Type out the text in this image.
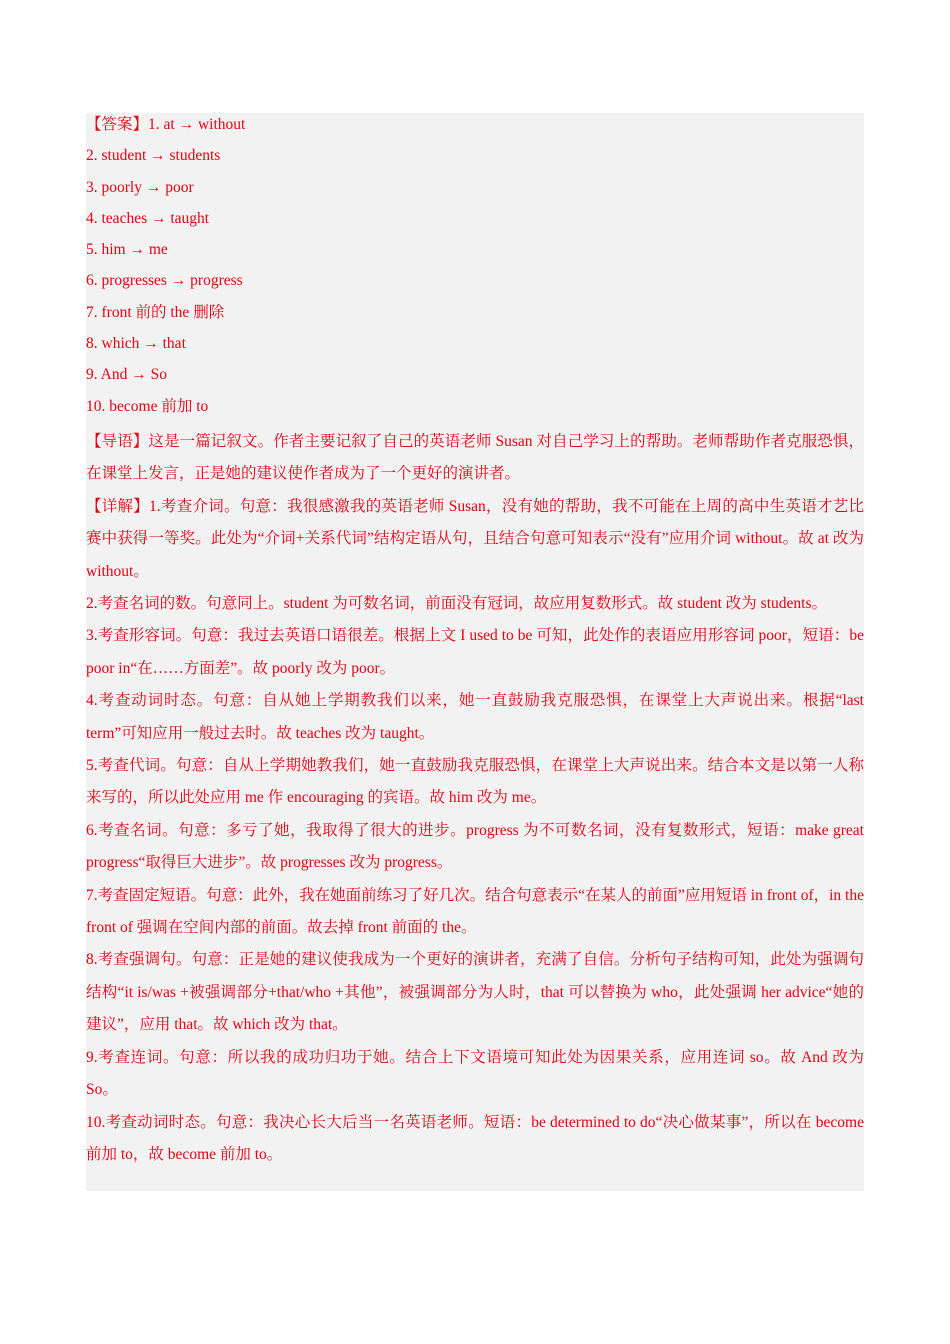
【答案】1. at → without
2. student → students
3. poorly → poor
4. teaches → taught
5. him → me
6. progresses → progress
7. front 前的 the 删除
8. which → that
9. And → So
10. become 前加 to

【导语】这是一篇记叙文。作者主要记叙了自己的英语老师 Susan 对自己学习上的帮助。老师帮助作者克服恐惧，在课堂上发言，正是她的建议使作者成为了一个更好的演讲者。

【详解】1.考查介词。句意：我很感激我的英语老师 Susan，没有她的帮助，我不可能在上周的高中生英语才艺比赛中获得一等奖。此处为“介词+关系代词”结构定语从句，且结合句意可知表示“没有”应用介词 without。故 at 改为 without。

2.考查名词的数。句意同上。student 为可数名词，前面没有冠词，故应用复数形式。故 student 改为 students。

3.考查形容词。句意：我过去英语口语很差。根据上文 I used to be 可知，此处作的表语应用形容词 poor，短语：be poor in“在……方面差”。故 poorly 改为 poor。

4.考查动词时态。句意：自从她上学期教我们以来，她一直鼓励我克服恐惧，在课堂上大声说出来。根据“last term”可知应用一般过去时。故 teaches 改为 taught。

5.考查代词。句意：自从上学期她教我们，她一直鼓励我克服恐惧，在课堂上大声说出来。结合本文是以第一人称来写的，所以此处应用 me 作 encouraging 的宾语。故 him 改为 me。

6.考查名词。句意：多亏了她，我取得了很大的进步。progress 为不可数名词，没有复数形式，短语：make great progress“取得巨大进步”。故 progresses 改为 progress。

7.考查固定短语。句意：此外，我在她面前练习了好几次。结合句意表示“在某人的前面”应用短语 in front of，in the front of 强调在空间内部的前面。故去掉 front 前面的 the。

8.考查强调句。句意：正是她的建议使我成为一个更好的演讲者，充满了自信。分析句子结构可知，此处为强调句结构“it is/was +被强调部分+that/who +其他”，被强调部分为人时，that 可以替换为 who，此处强调 her advice“她的建议”，应用 that。故 which 改为 that。

9.考查连词。句意：所以我的成功归功于她。结合上下文语境可知此处为因果关系，应用连词 so。故 And 改为 So。

10.考查动词时态。句意：我决心长大后当一名英语老师。短语：be determined to do“决心做某事”，所以在 become 前加 to，故 become 前加 to。
